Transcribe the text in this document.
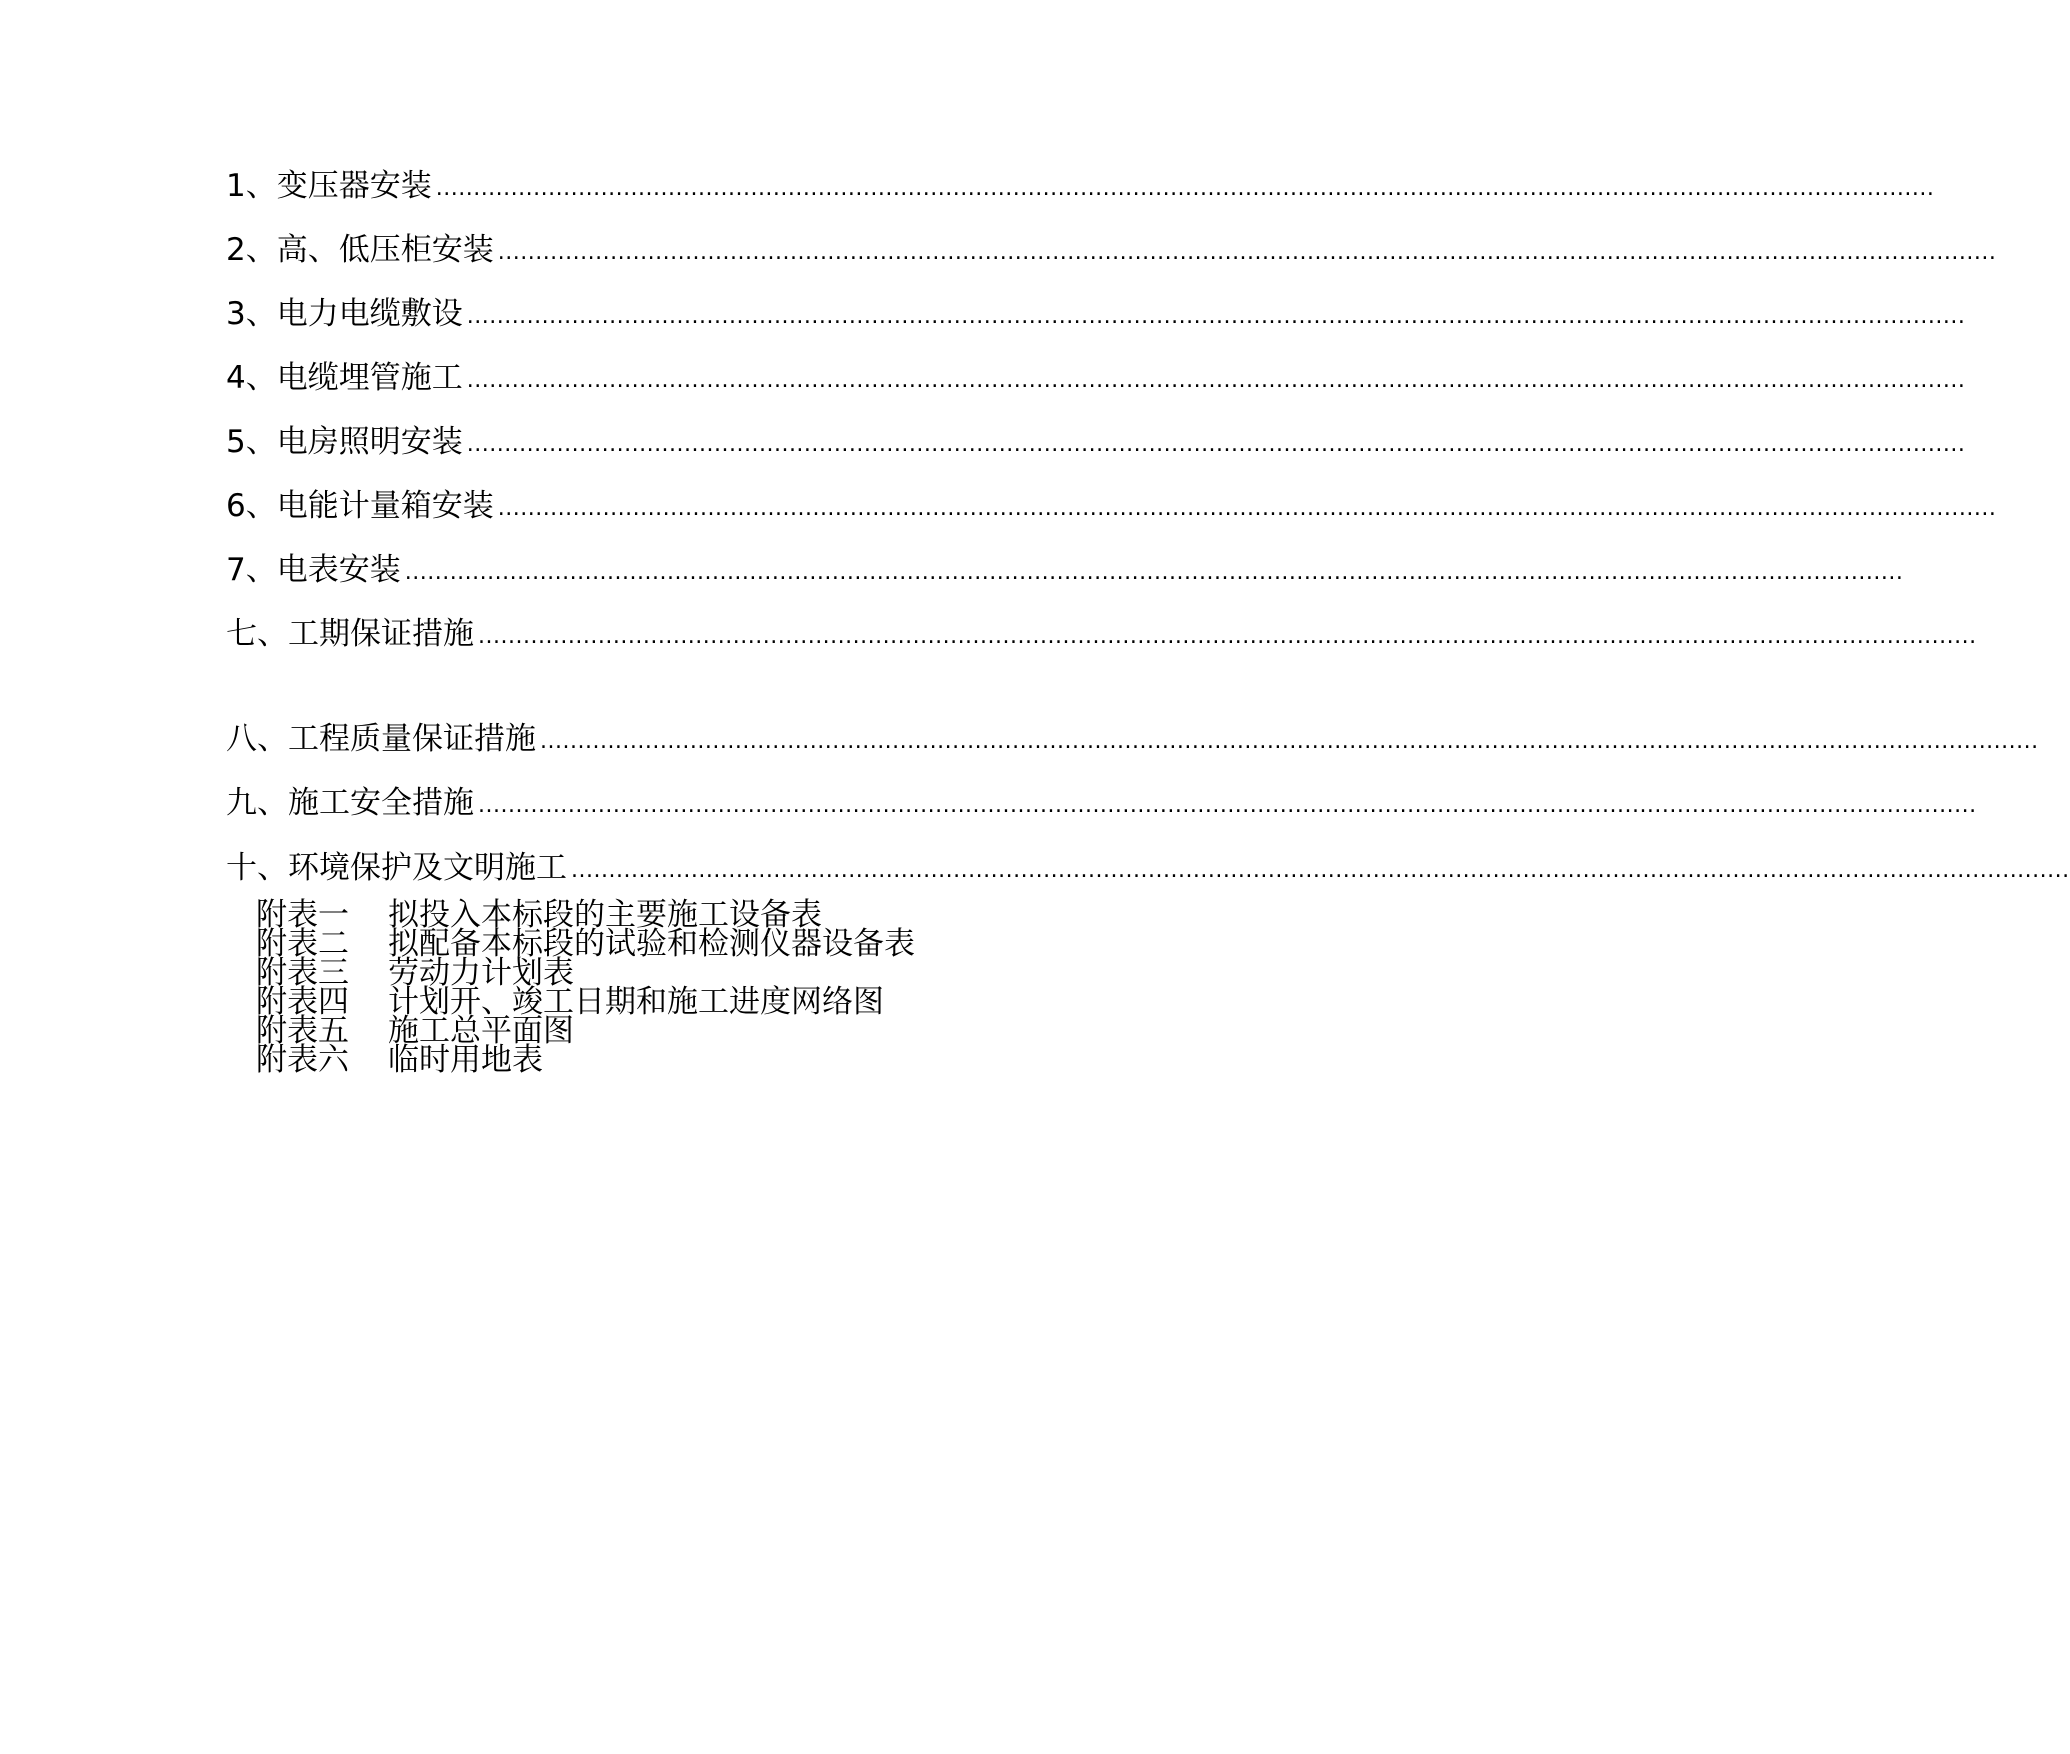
1、变压器安装 ........................................................................................................................................................................................................
2、高、低压柜安装 ........................................................................................................................................................................................................
3、电力电缆敷设 ........................................................................................................................................................................................................
4、电缆埋管施工 ........................................................................................................................................................................................................
5、电房照明安装 ........................................................................................................................................................................................................
6、电能计量箱安装 ........................................................................................................................................................................................................
7、电表安装 ........................................................................................................................................................................................................
七、工期保证措施 ........................................................................................................................................................................................................
八、工程质量保证措施 ........................................................................................................................................................................................................
九、施工安全措施 ........................................................................................................................................................................................................
十、环境保护及文明施工 ........................................................................................................................................................................................................
附表一 拟投入本标段的主要施工设备表
附表二 拟配备本标段的试验和检测仪器设备表
附表三 劳动力计划表
附表四 计划开、竣工日期和施工进度网络图
附表五 施工总平面图
附表六 临时用地表
